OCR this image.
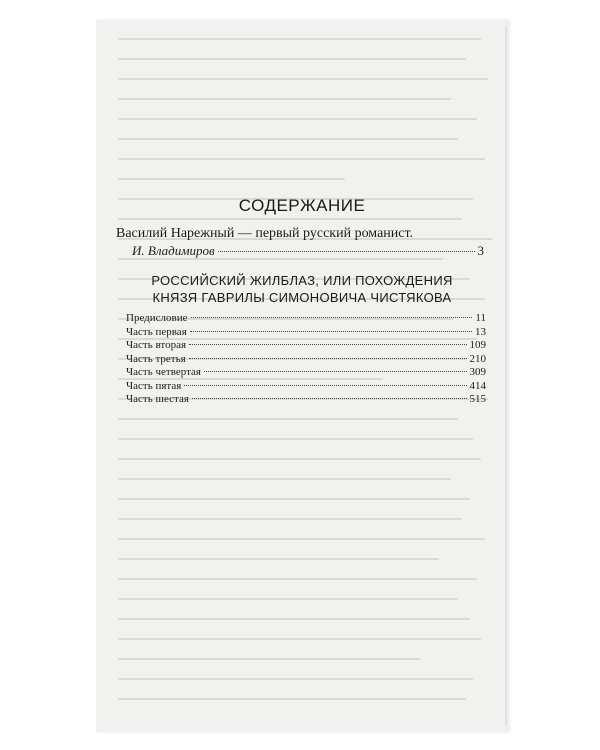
СОДЕРЖАНИЕ
Василий Нарежный — первый русский романист.
И. Владимиров	3
РОССИЙСКИЙ ЖИЛБЛАЗ, ИЛИ ПОХОЖДЕНИЯ
КНЯЗЯ ГАВРИЛЫ СИМОНОВИЧА ЧИСТЯКОВА
Предисловие	11
Часть первая	13
Часть вторая	109
Часть третья	210
Часть четвертая	309
Часть пятая	414
Часть шестая	515
